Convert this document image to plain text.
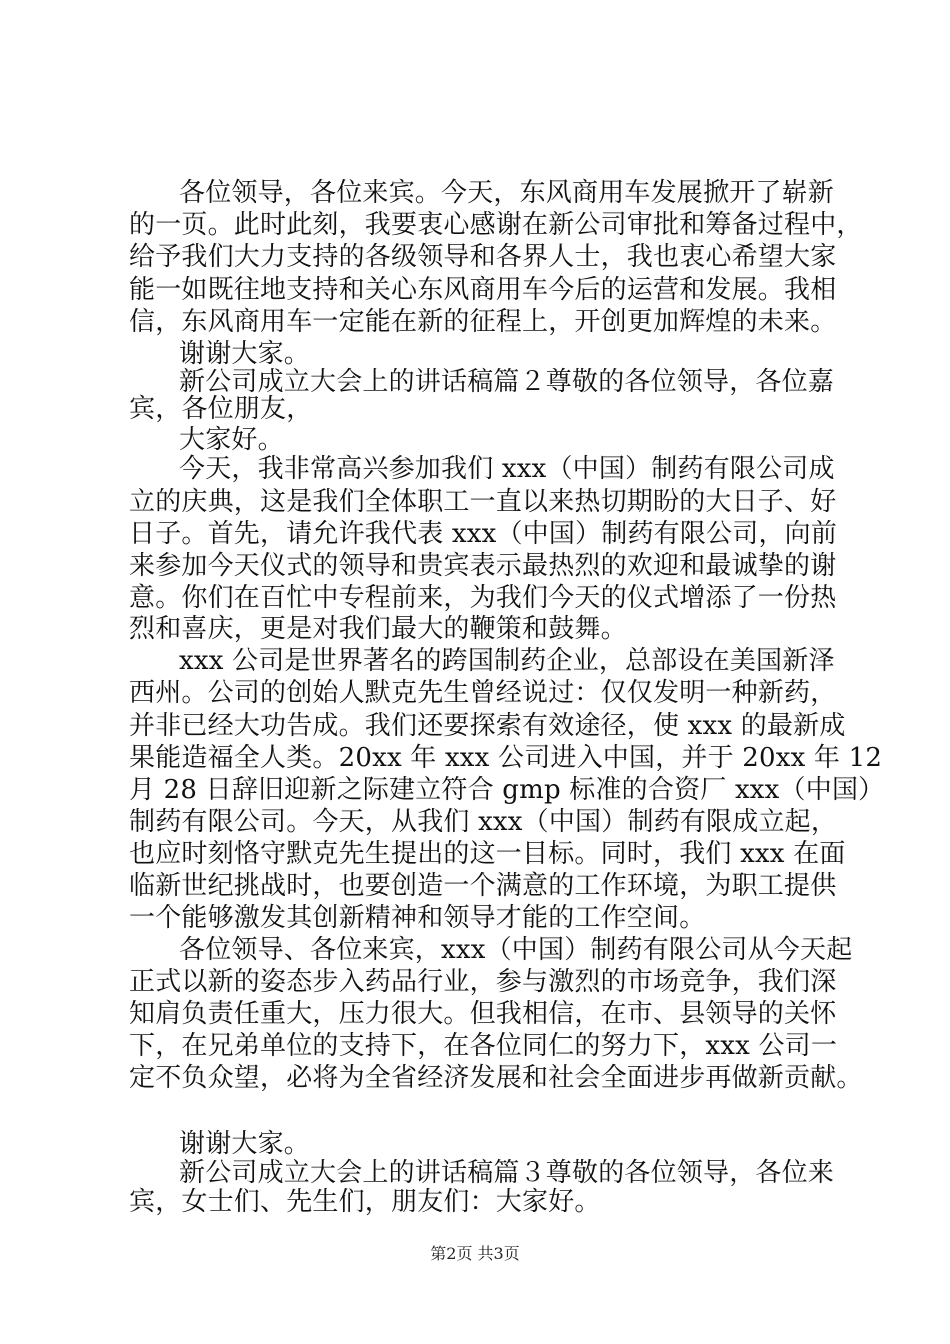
各位领导，各位来宾。今天，东风商用车发展掀开了崭新
的一页。此时此刻，我要衷心感谢在新公司审批和筹备过程中，
给予我们大力支持的各级领导和各界人士，我也衷心希望大家
能一如既往地支持和关心东风商用车今后的运营和发展。我相
信，东风商用车一定能在新的征程上，开创更加辉煌的未来。
谢谢大家。
新公司成立大会上的讲话稿篇２尊敬的各位领导，各位嘉
宾，各位朋友，
大家好。
今天，我非常高兴参加我们 xxx（中国）制药有限公司成
立的庆典，这是我们全体职工一直以来热切期盼的大日子、好
日子。首先，请允许我代表 xxx（中国）制药有限公司，向前
来参加今天仪式的领导和贵宾表示最热烈的欢迎和最诚挚的谢
意。你们在百忙中专程前来，为我们今天的仪式增添了一份热
烈和喜庆，更是对我们最大的鞭策和鼓舞。
xxx 公司是世界著名的跨国制药企业，总部设在美国新泽
西州。公司的创始人默克先生曾经说过：仅仅发明一种新药，
并非已经大功告成。我们还要探索有效途径，使 xxx 的最新成
果能造福全人类。20xx 年 xxx 公司进入中国，并于 20xx 年 12
月 28 日辞旧迎新之际建立符合 gmp 标准的合资厂 xxx（中国）
制药有限公司。今天，从我们 xxx（中国）制药有限成立起，
也应时刻恪守默克先生提出的这一目标。同时，我们 xxx 在面
临新世纪挑战时，也要创造一个满意的工作环境，为职工提供
一个能够激发其创新精神和领导才能的工作空间。
各位领导、各位来宾，xxx（中国）制药有限公司从今天起
正式以新的姿态步入药品行业，参与激烈的市场竞争，我们深
知肩负责任重大，压力很大。但我相信，在市、县领导的关怀
下，在兄弟单位的支持下，在各位同仁的努力下，xxx 公司一
定不负众望，必将为全省经济发展和社会全面进步再做新贡献。
谢谢大家。
新公司成立大会上的讲话稿篇３尊敬的各位领导，各位来
宾，女士们、先生们，朋友们：大家好。
第2页 共3页
